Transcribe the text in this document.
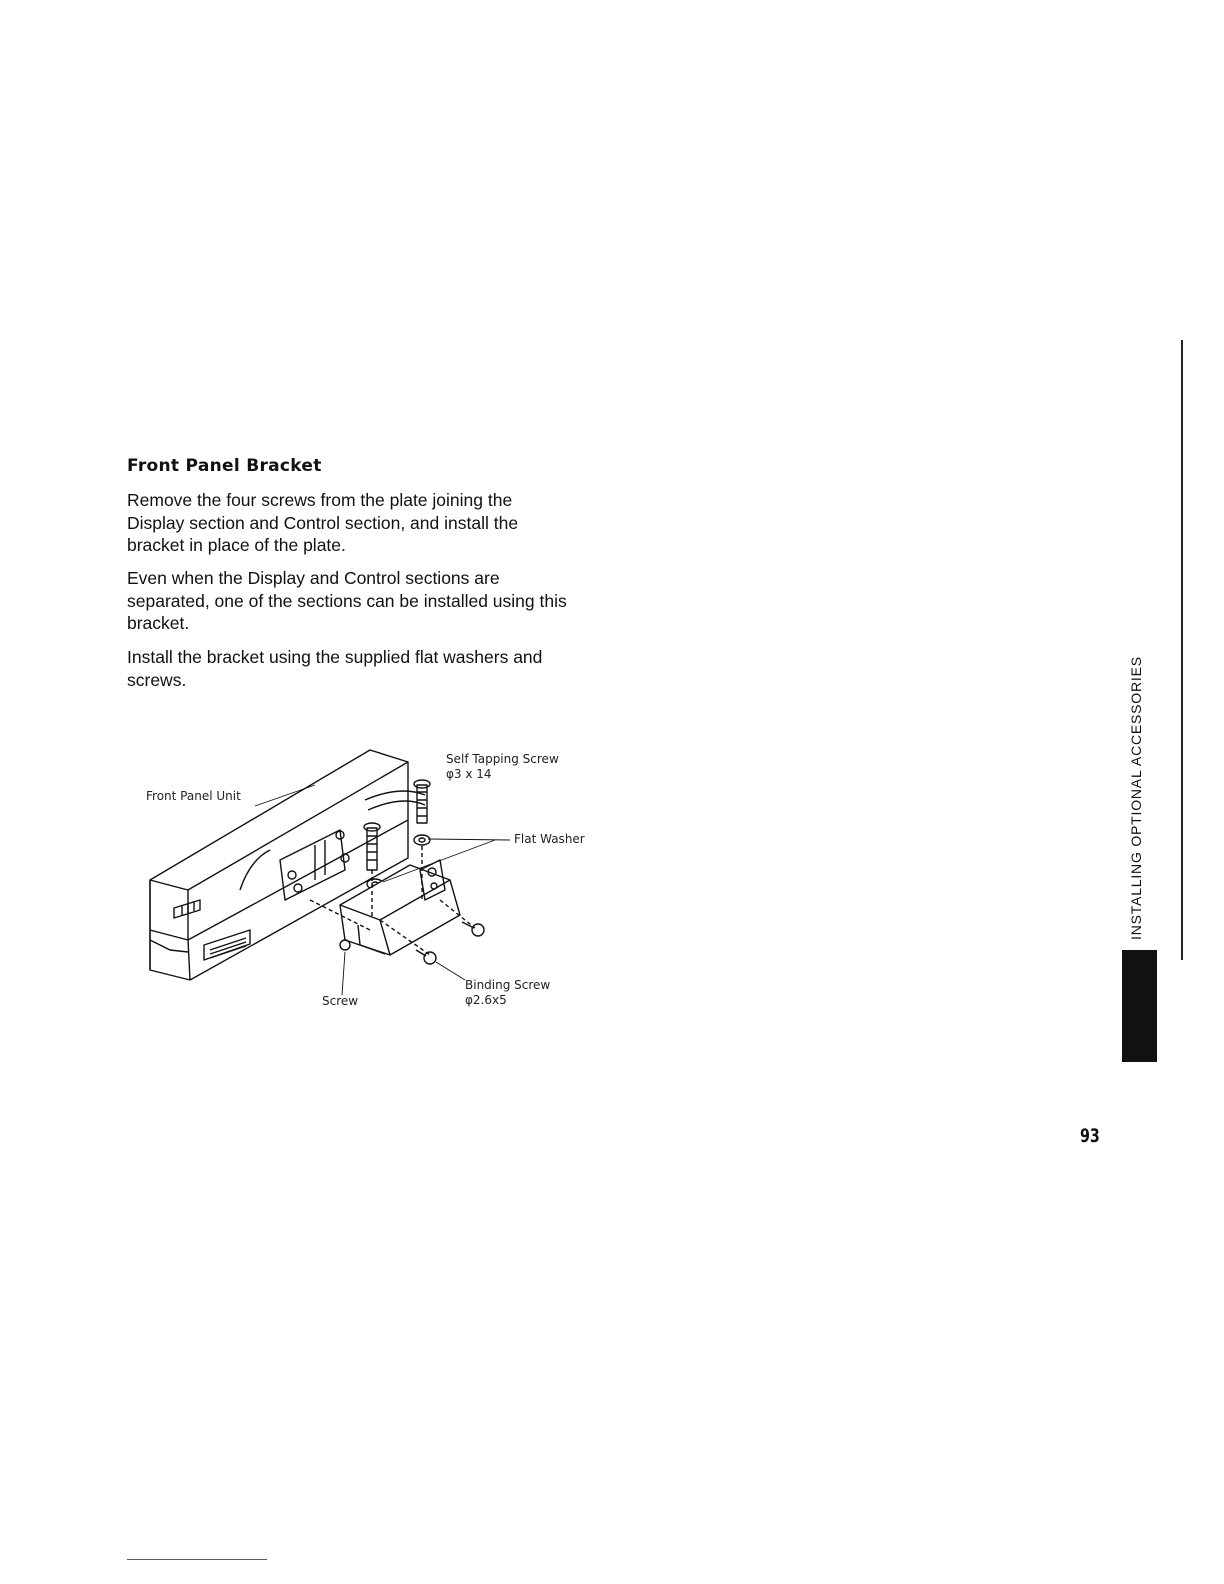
Front Panel Bracket

Remove the four screws from the plate joining the Display section and Control section, and install the bracket in place of the plate.

Even when the Display and Control sections are separated, one of the sections can be installed using this bracket.

Install the bracket using the supplied flat washers and screws.

Front Panel Unit
Self Tapping Screw
φ3 x 14
Flat Washer
Binding Screw
φ2.6x5
Screw
INSTALLING OPTIONAL ACCESSORIES
93
